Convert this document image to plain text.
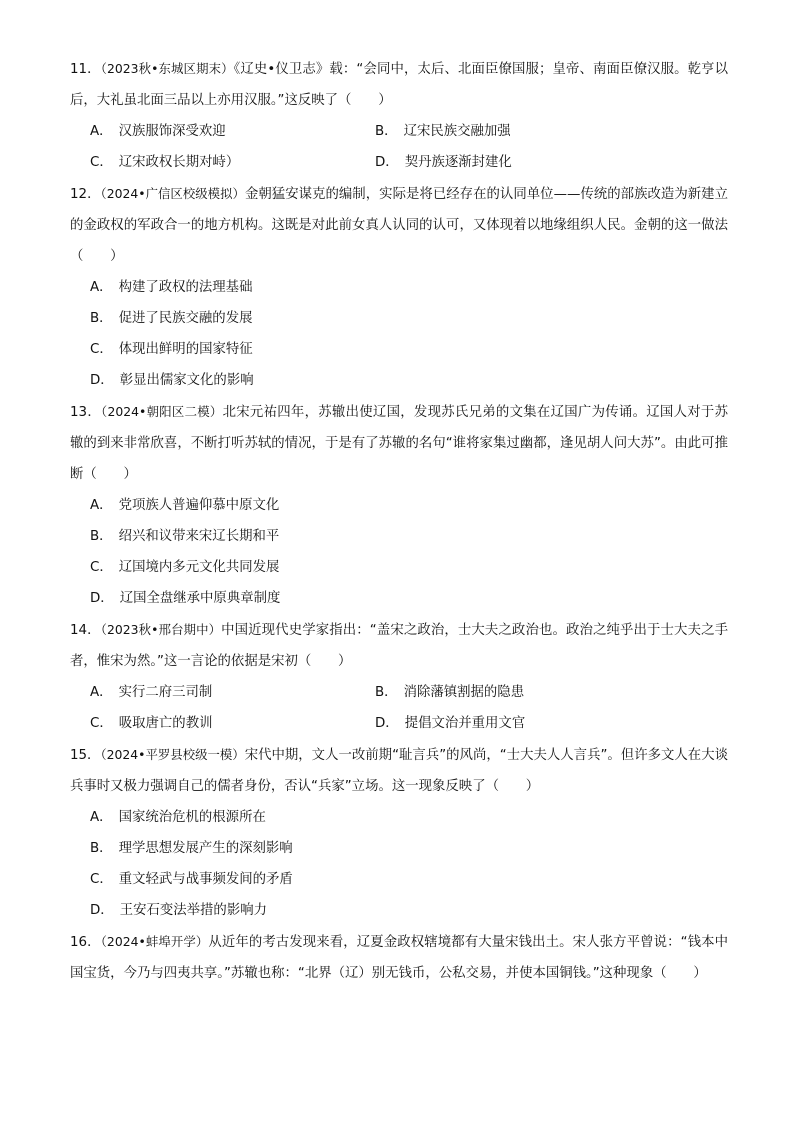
11．（2023秋•东城区期末）《辽史•仪卫志》载：“会同中，太后、北面臣僚国服；皇帝、南面臣僚汉服。乾亨以后，大礼虽北面三品以上亦用汉服。”这反映了（　　）
A． 汉族服饰深受欢迎	B． 辽宋民族交融加强
C． 辽宋政权长期对峙）	D． 契丹族逐渐封建化
12．（2024•广信区校级模拟）金朝猛安谋克的编制，实际是将已经存在的认同单位——传统的部族改造为新建立的金政权的军政合一的地方机构。这既是对此前女真人认同的认可，又体现着以地缘组织人民。金朝的这一做法（　　）
A． 构建了政权的法理基础
B． 促进了民族交融的发展
C． 体现出鲜明的国家特征
D． 彰显出儒家文化的影响
13．（2024•朝阳区二模）北宋元祐四年，苏辙出使辽国，发现苏氏兄弟的文集在辽国广为传诵。辽国人对于苏辙的到来非常欣喜，不断打听苏轼的情况，于是有了苏辙的名句“谁将家集过幽都，逢见胡人问大苏”。由此可推断（　　）
A． 党项族人普遍仰慕中原文化
B． 绍兴和议带来宋辽长期和平
C． 辽国境内多元文化共同发展
D． 辽国全盘继承中原典章制度
14．（2023秋•邢台期中）中国近现代史学家指出：“盖宋之政治，士大夫之政治也。政治之纯乎出于士大夫之手者，惟宋为然。”这一言论的依据是宋初（　　）
A． 实行二府三司制	B． 消除藩镇割据的隐患
C． 吸取唐亡的教训	D． 提倡文治并重用文官
15．（2024•平罗县校级一模）宋代中期，文人一改前期“耻言兵”的风尚，“士大夫人人言兵”。但许多文人在大谈兵事时又极力强调自己的儒者身份，否认“兵家”立场。这一现象反映了（　　）
A． 国家统治危机的根源所在
B． 理学思想发展产生的深刻影响
C． 重文轻武与战事频发间的矛盾
D． 王安石变法举措的影响力
16．（2024•蚌埠开学）从近年的考古发现来看，辽夏金政权辖境都有大量宋钱出土。宋人张方平曾说：“钱本中国宝货，今乃与四夷共享。”苏辙也称：“北界（辽）别无钱币，公私交易，并使本国铜钱。”这种现象（　　）
